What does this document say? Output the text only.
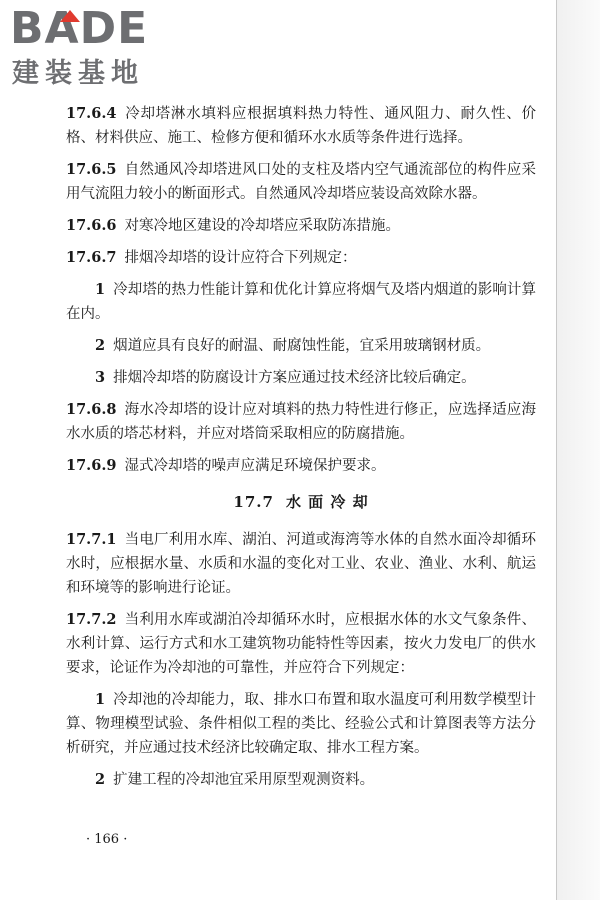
BADE
建装基地

17.6.4 冷却塔淋水填料应根据填料热力特性、通风阻力、耐久性、价格、材料供应、施工、检修方便和循环水水质等条件进行选择。

17.6.5 自然通风冷却塔进风口处的支柱及塔内空气通流部位的构件应采用气流阻力较小的断面形式。自然通风冷却塔应装设高效除水器。

17.6.6 对寒冷地区建设的冷却塔应采取防冻措施。

17.6.7 排烟冷却塔的设计应符合下列规定：

1 冷却塔的热力性能计算和优化计算应将烟气及塔内烟道的影响计算在内。

2 烟道应具有良好的耐温、耐腐蚀性能，宜采用玻璃钢材质。

3 排烟冷却塔的防腐设计方案应通过技术经济比较后确定。

17.6.8 海水冷却塔的设计应对填料的热力特性进行修正，应选择适应海水水质的塔芯材料，并应对塔筒采取相应的防腐措施。

17.6.9 湿式冷却塔的噪声应满足环境保护要求。

17.7 水 面 冷 却

17.7.1 当电厂利用水库、湖泊、河道或海湾等水体的自然水面冷却循环水时，应根据水量、水质和水温的变化对工业、农业、渔业、水利、航运和环境等的影响进行论证。

17.7.2 当利用水库或湖泊冷却循环水时，应根据水体的水文气象条件、水利计算、运行方式和水工建筑物功能特性等因素，按火力发电厂的供水要求，论证作为冷却池的可靠性，并应符合下列规定：

1 冷却池的冷却能力，取、排水口布置和取水温度可利用数学模型计算、物理模型试验、条件相似工程的类比、经验公式和计算图表等方法分析研究，并应通过技术经济比较确定取、排水工程方案。

2 扩建工程的冷却池宜采用原型观测资料。

· 166 ·
